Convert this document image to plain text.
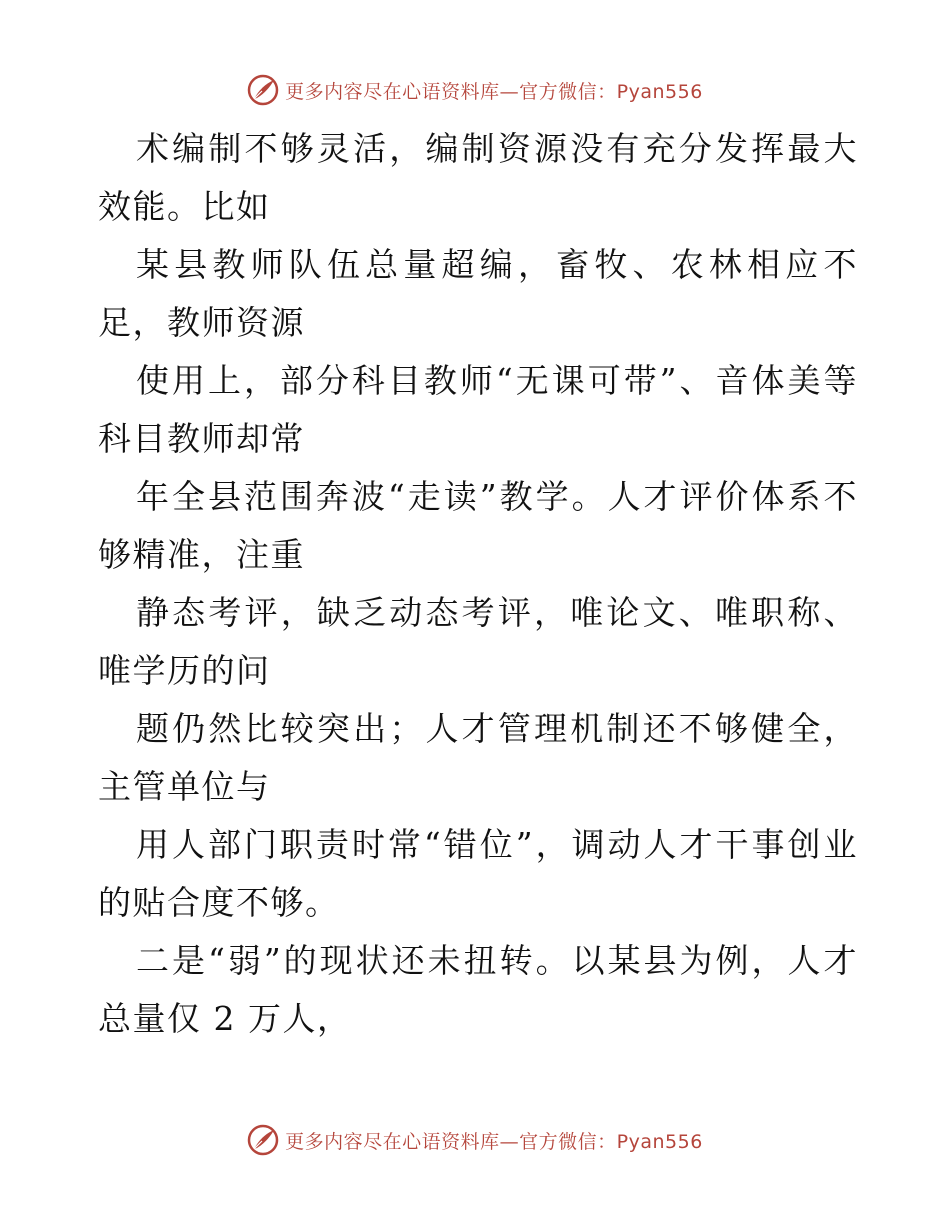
更多内容尽在心语资料库—官方微信：Pyan556

术编制不够灵活，编制资源没有充分发挥最大效能。比如

某县教师队伍总量超编，畜牧、农林相应不足，教师资源

使用上，部分科目教师“无课可带”、音体美等科目教师却常

年全县范围奔波“走读”教学。人才评价体系不够精准，注重

静态考评，缺乏动态考评，唯论文、唯职称、唯学历的问

题仍然比较突出；人才管理机制还不够健全，主管单位与

用人部门职责时常“错位”，调动人才干事创业的贴合度不够。

二是“弱”的现状还未扭转。以某县为例，人才总量仅 2 万人，

更多内容尽在心语资料库—官方微信：Pyan556
